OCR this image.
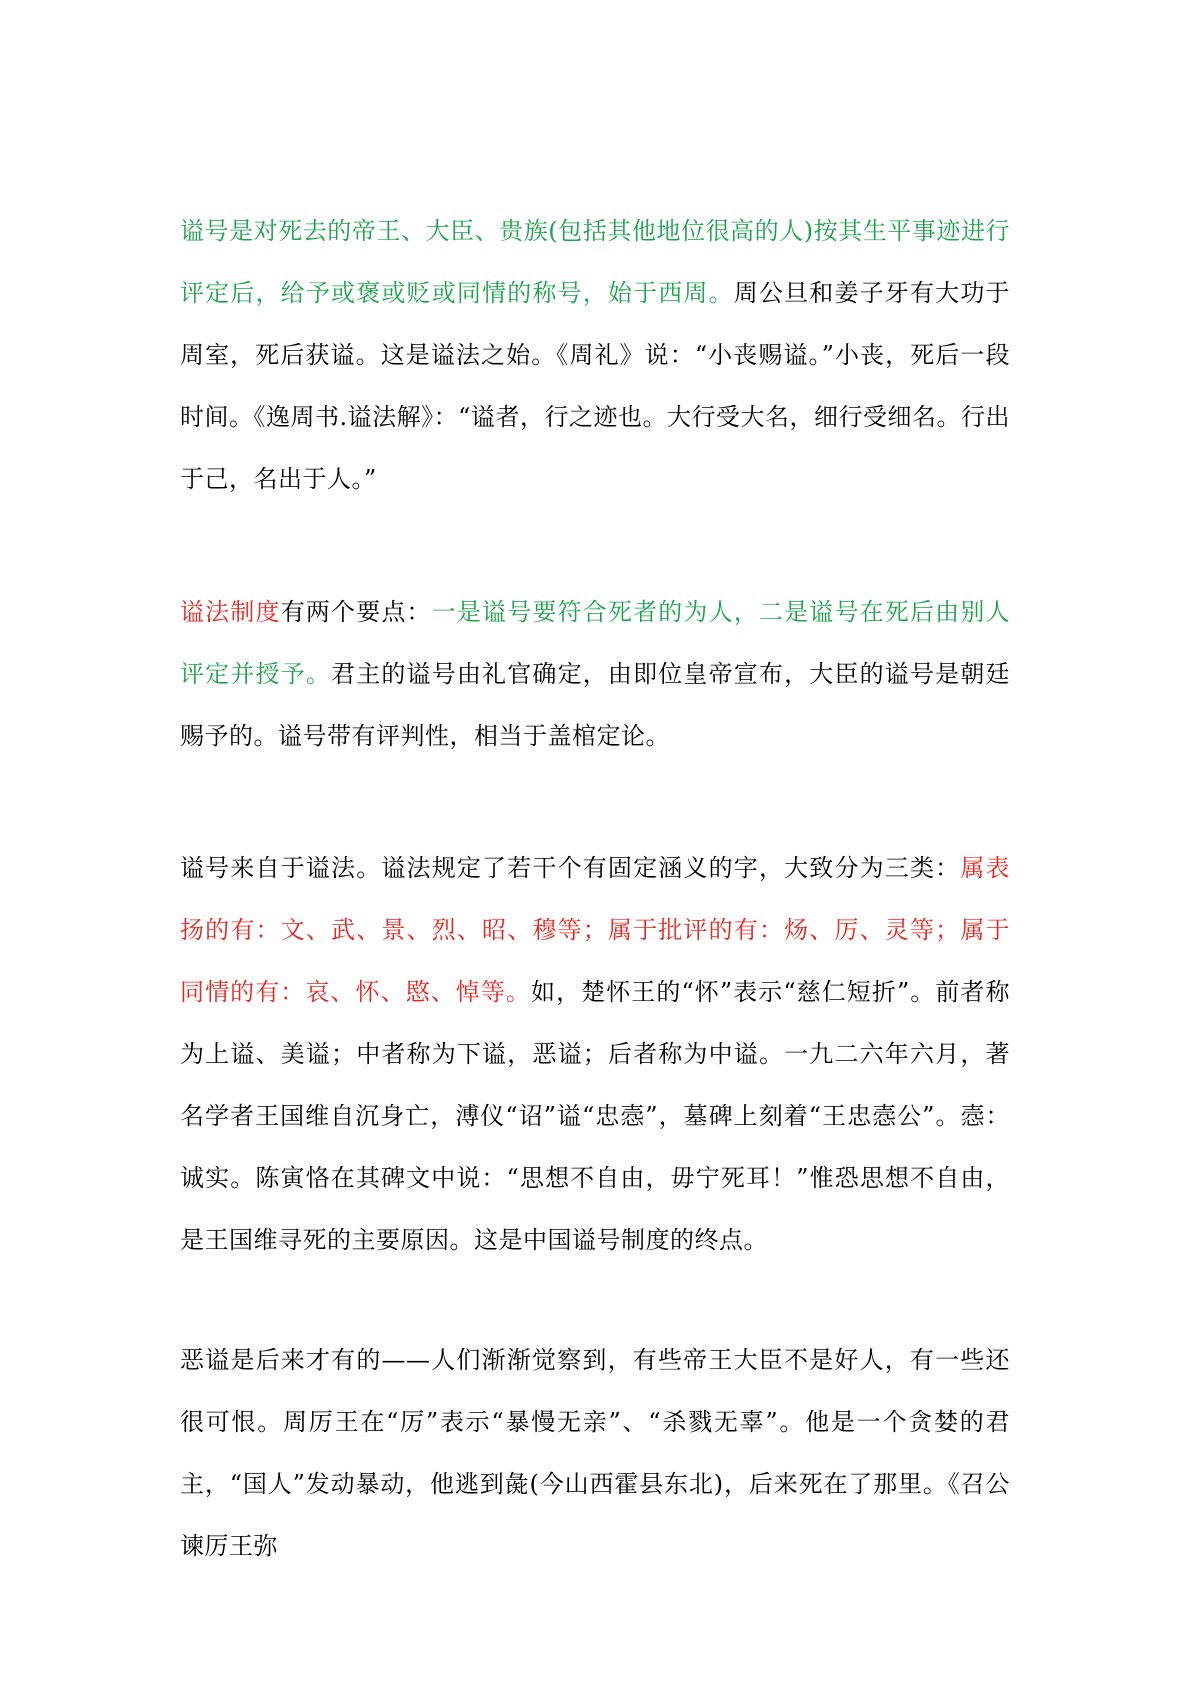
谥号是对死去的帝王、大臣、贵族(包括其他地位很高的人)按其生平事迹进行评定后，给予或褒或贬或同情的称号，始于西周。周公旦和姜子牙有大功于周室，死后获谥。这是谥法之始。《周礼》说：“小丧赐谥。”小丧，死后一段时间。《逸周书.谥法解》：“谥者，行之迹也。大行受大名，细行受细名。行出于己，名出于人。”

谥法制度有两个要点：一是谥号要符合死者的为人，二是谥号在死后由别人评定并授予。君主的谥号由礼官确定，由即位皇帝宣布，大臣的谥号是朝廷赐予的。谥号带有评判性，相当于盖棺定论。

谥号来自于谥法。谥法规定了若干个有固定涵义的字，大致分为三类：属表扬的有：文、武、景、烈、昭、穆等；属于批评的有：炀、厉、灵等；属于同情的有：哀、怀、愍、悼等。如，楚怀王的“怀”表示“慈仁短折”。前者称为上谥、美谥；中者称为下谥，恶谥；后者称为中谥。一九二六年六月，著名学者王国维自沉身亡，溥仪“诏”谥“忠悫”，墓碑上刻着“王忠悫公”。悫：诚实。陈寅恪在其碑文中说：“思想不自由，毋宁死耳！”惟恐思想不自由，是王国维寻死的主要原因。这是中国谥号制度的终点。

恶谥是后来才有的——人们渐渐觉察到，有些帝王大臣不是好人，有一些还很可恨。周厉王在“厉”表示“暴慢无亲”、“杀戮无辜”。他是一个贪婪的君主，“国人”发动暴动，他逃到彘(今山西霍县东北)，后来死在了那里。《召公谏厉王弥
